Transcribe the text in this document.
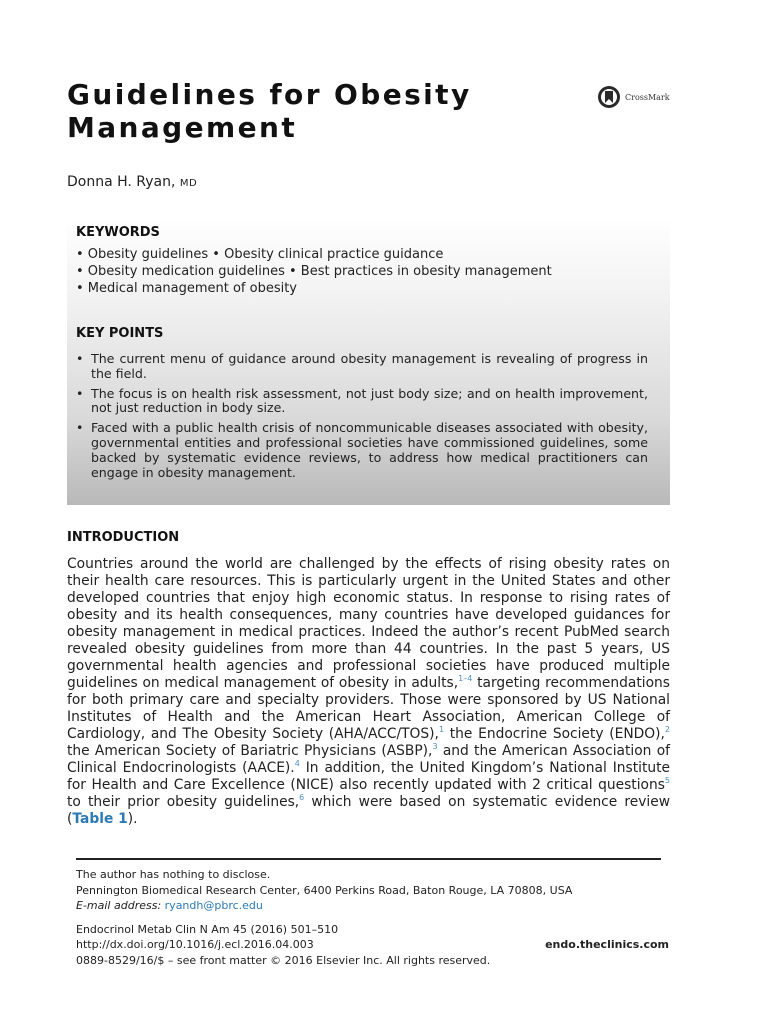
Guidelines for Obesity Management
CrossMark
Donna H. Ryan, MD
KEYWORDS
• Obesity guidelines • Obesity clinical practice guidance
• Obesity medication guidelines • Best practices in obesity management
• Medical management of obesity
KEY POINTS
• The current menu of guidance around obesity management is revealing of progress in the field.
• The focus is on health risk assessment, not just body size; and on health improvement, not just reduction in body size.
• Faced with a public health crisis of noncommunicable diseases associated with obesity, governmental entities and professional societies have commissioned guidelines, some backed by systematic evidence reviews, to address how medical practitioners can engage in obesity management.
INTRODUCTION

Countries around the world are challenged by the effects of rising obesity rates on their health care resources. This is particularly urgent in the United States and other developed countries that enjoy high economic status. In response to rising rates of obesity and its health consequences, many countries have developed guidances for obesity management in medical practices. Indeed the author’s recent PubMed search revealed obesity guidelines from more than 44 countries. In the past 5 years, US governmental health agencies and professional societies have produced multiple guidelines on medical management of obesity in adults,$^{1-4}$ targeting recommendations for both primary care and specialty providers. Those were sponsored by US National Institutes of Health and the American Heart Association, American College of Cardiology, and The Obesity Society (AHA/ACC/TOS),$^1$ the Endocrine Society (ENDO),$^2$ the American Society of Bariatric Physicians (ASBP),$^3$ and the American Association of Clinical Endocrinologists (AACE).$^4$ In addition, the United Kingdom’s National Institute for Health and Care Excellence (NICE) also recently updated with 2 critical questions$^5$ to their prior obesity guidelines,$^6$ which were based on systematic evidence review (Table 1).

The author has nothing to disclose.
Pennington Biomedical Research Center, 6400 Perkins Road, Baton Rouge, LA 70808, USA
E-mail address: ryandh@pbrc.edu
Endocrinol Metab Clin N Am 45 (2016) 501–510
http://dx.doi.org/10.1016/j.ecl.2016.04.003	endo.theclinics.com
0889-8529/16/$ – see front matter © 2016 Elsevier Inc. All rights reserved.
